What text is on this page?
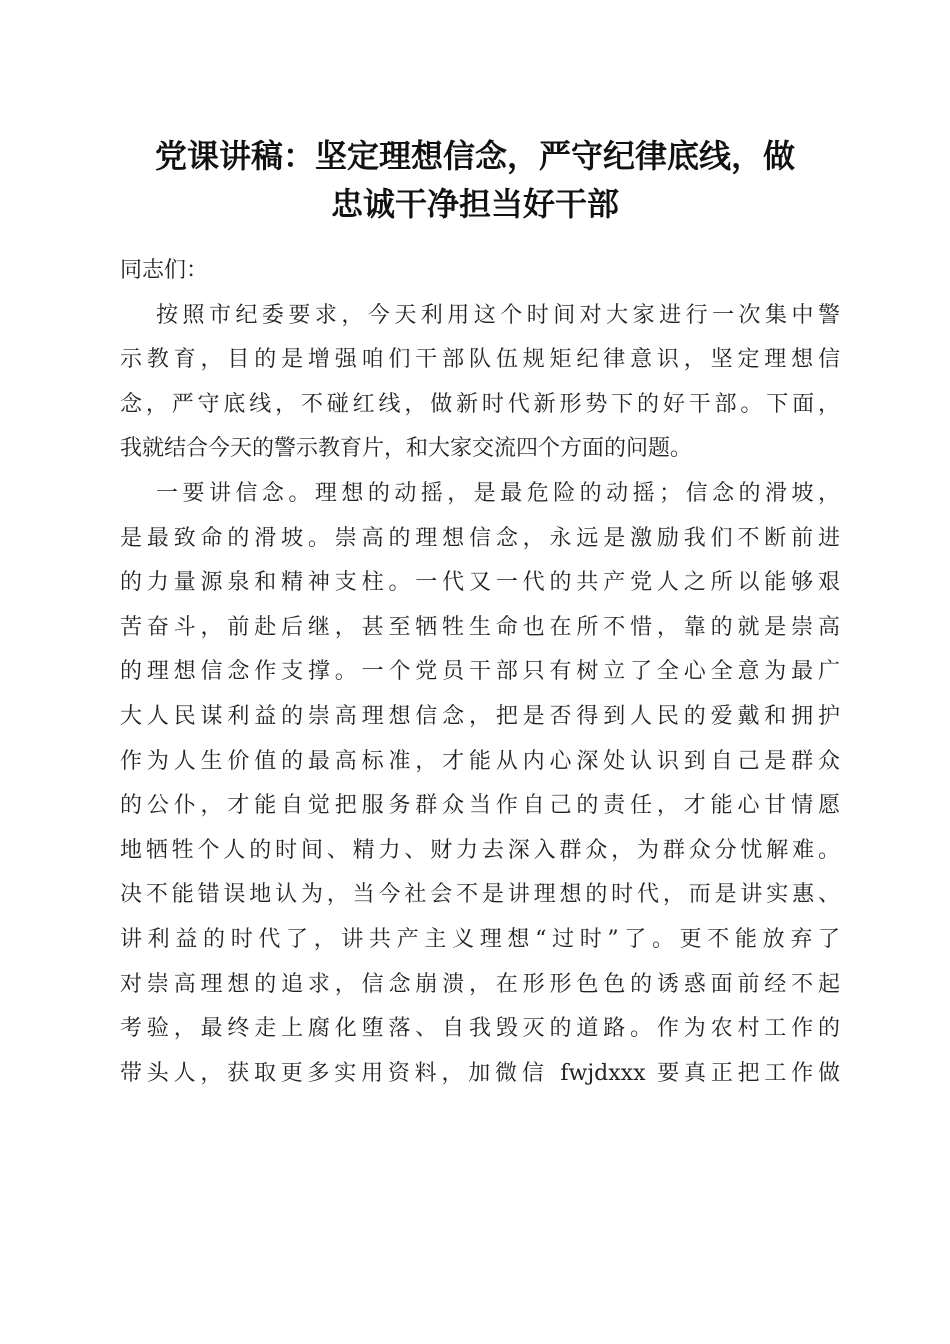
党课讲稿：坚定理想信念，严守纪律底线，做
忠诚干净担当好干部

同志们：

按照市纪委要求，今天利用这个时间对大家进行一次集中警
示教育，目的是增强咱们干部队伍规矩纪律意识，坚定理想信
念，严守底线，不碰红线，做新时代新形势下的好干部。下面，
我就结合今天的警示教育片，和大家交流四个方面的问题。

一要讲信念。理想的动摇，是最危险的动摇；信念的滑坡，
是最致命的滑坡。崇高的理想信念，永远是激励我们不断前进
的力量源泉和精神支柱。一代又一代的共产党人之所以能够艰
苦奋斗，前赴后继，甚至牺牲生命也在所不惜，靠的就是崇高
的理想信念作支撑。一个党员干部只有树立了全心全意为最广
大人民谋利益的崇高理想信念，把是否得到人民的爱戴和拥护
作为人生价值的最高标准，才能从内心深处认识到自己是群众
的公仆，才能自觉把服务群众当作自己的责任，才能心甘情愿
地牺牲个人的时间、精力、财力去深入群众，为群众分忧解难。
决不能错误地认为，当今社会不是讲理想的时代，而是讲实惠、
讲利益的时代了，讲共产主义理想“过时”了。更不能放弃了
对崇高理想的追求，信念崩溃，在形形色色的诱惑面前经不起
考验，最终走上腐化堕落、自我毁灭的道路。作为农村工作的
带头人，获取更多实用资料，加微信 fwjdxxx 要真正把工作做
